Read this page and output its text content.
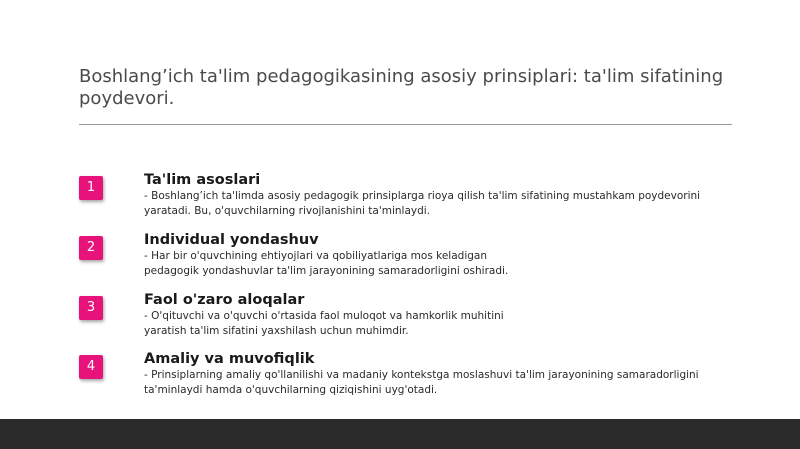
Boshlang’ich ta'lim pedagogikasining asosiy prinsiplari: ta'lim sifatining poydevori.
1	Ta'lim asoslari

- Boshlang’ich ta'limda asosiy pedagogik prinsiplarga rioya qilish ta'lim sifatining mustahkam poydevorini
yaratadi. Bu, o'quvchilarning rivojlanishini ta'minlaydi.

2	Individual yondashuv

- Har bir o'quvchining ehtiyojlari va qobiliyatlariga mos keladigan
pedagogik yondashuvlar ta'lim jarayonining samaradorligini oshiradi.

3	Faol o'zaro aloqalar

- O'qituvchi va o'quvchi o'rtasida faol muloqot va hamkorlik muhitini
yaratish ta'lim sifatini yaxshilash uchun muhimdir.

4	Amaliy va muvofiqlik

- Prinsiplarning amaliy qo'llanilishi va madaniy kontekstga moslashuvi ta'lim jarayonining samaradorligini
ta'minlaydi hamda o'quvchilarning qiziqishini uyg'otadi.
